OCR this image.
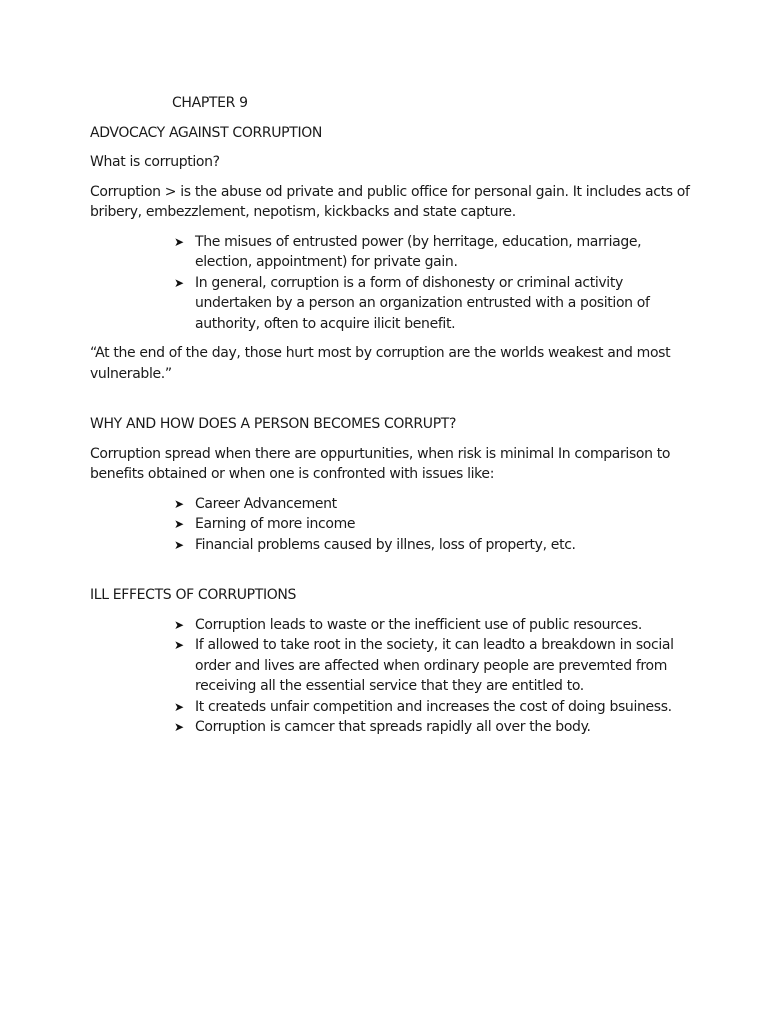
CHAPTER 9

ADVOCACY AGAINST CORRUPTION

What is corruption?

Corruption > is the abuse od private and public office for personal gain. It includes acts of bribery, embezzlement, nepotism, kickbacks and state capture.

➤ The misues of entrusted power (by herritage, education, marriage, election, appointment) for private gain.
➤ In general, corruption is a form of dishonesty or criminal activity undertaken by a person an organization entrusted with a position of authority, often to acquire ilicit benefit.

“At the end of the day, those hurt most by corruption are the worlds weakest and most vulnerable.”

WHY AND HOW DOES A PERSON BECOMES CORRUPT?

Corruption spread when there are oppurtunities, when risk is minimal In comparison to benefits obtained or when one is confronted with issues like:

➤ Career Advancement
➤ Earning of more income
➤ Financial problems caused by illnes, loss of property, etc.

ILL EFFECTS OF CORRUPTIONS

➤ Corruption leads to waste or the inefficient use of public resources.
➤ If allowed to take root in the society, it can leadto a breakdown in social order and lives are affected when ordinary people are prevemted from receiving all the essential service that they are entitled to.
➤ It createds unfair competition and increases the cost of doing bsuiness.
➤ Corruption is camcer that spreads rapidly all over the body.
